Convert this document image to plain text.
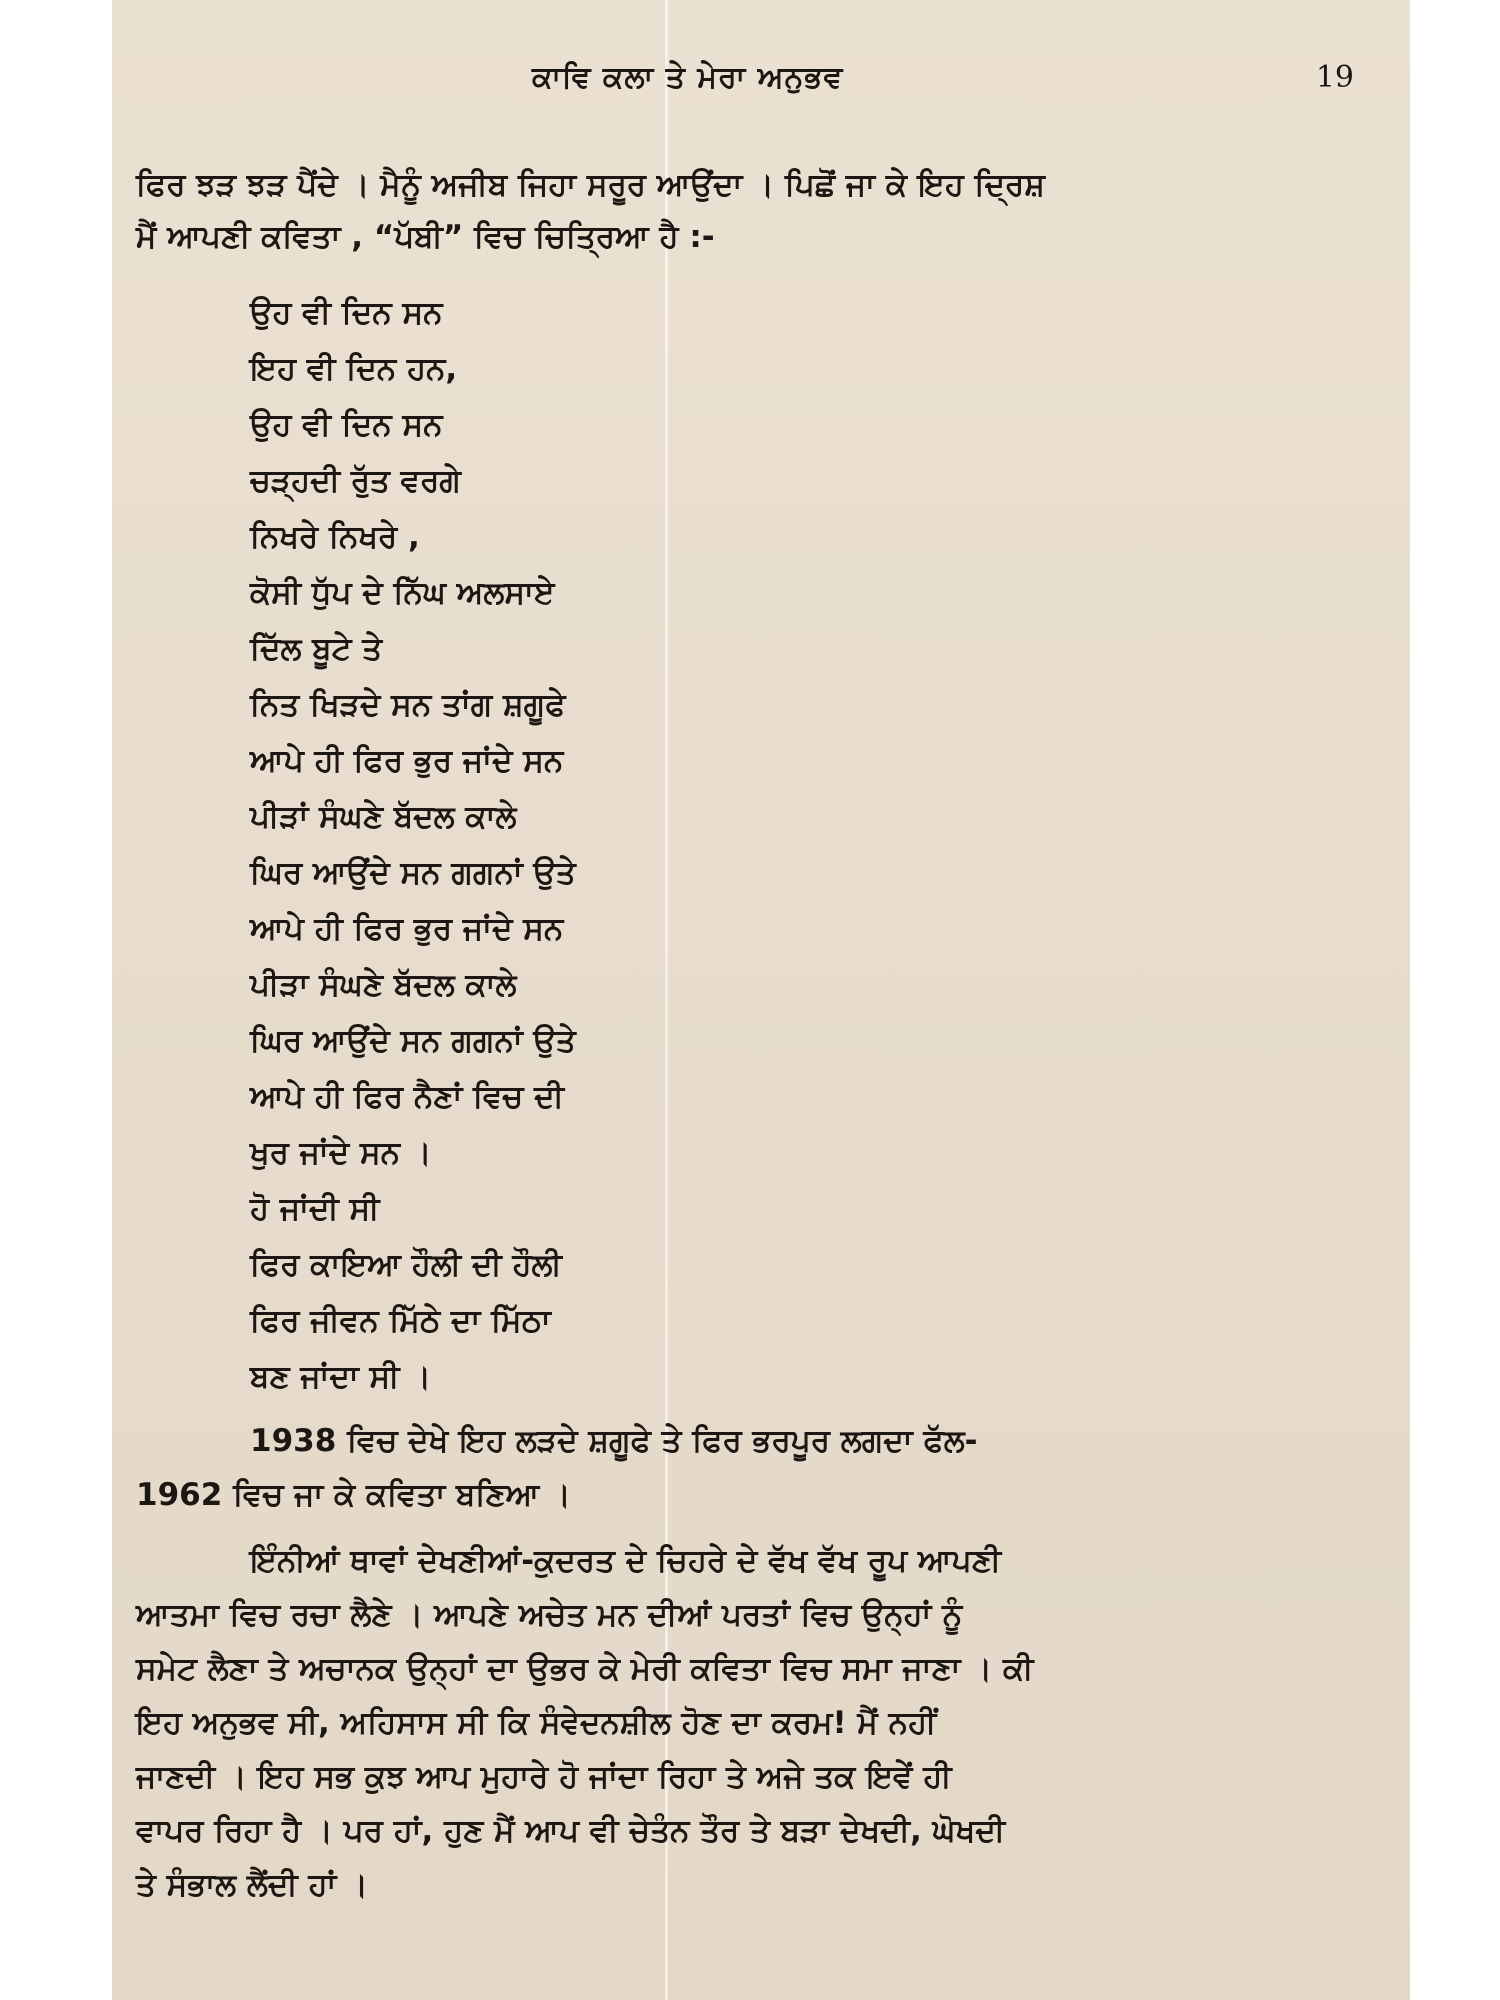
ਕਾਵਿ ਕਲਾ ਤੇ ਮੇਰਾ ਅਨੁਭਵ	19
ਫਿਰ ਝੜ ਝੜ ਪੈਂਦੇ । ਮੈਨੂੰ ਅਜੀਬ ਜਿਹਾ ਸਰੂਰ ਆਉਂਦਾ । ਪਿਛੋਂ ਜਾ ਕੇ ਇਹ ਦ੍ਰਿਸ਼
ਮੈਂ ਆਪਣੀ ਕਵਿਤਾ , “ਪੱਬੀ” ਵਿਚ ਚਿਤ੍ਰਿਆ ਹੈ :-
ਉਹ ਵੀ ਦਿਨ ਸਨ
ਇਹ ਵੀ ਦਿਨ ਹਨ,
ਉਹ ਵੀ ਦਿਨ ਸਨ
ਚੜ੍ਹਦੀ ਰੁੱਤ ਵਰਗੇ
ਨਿਖਰੇ ਨਿਖਰੇ ,
ਕੋਸੀ ਧੁੱਪ ਦੇ ਨਿੱਘ ਅਲਸਾਏ
ਦਿੱਲ ਬੂਟੇ ਤੇ
ਨਿਤ ਖਿੜਦੇ ਸਨ ਤਾਂਗ ਸ਼ਗੂਫੇ
ਆਪੇ ਹੀ ਫਿਰ ਭੁਰ ਜਾਂਦੇ ਸਨ
ਪੀੜਾਂ ਸੰਘਣੇ ਬੱਦਲ ਕਾਲੇ
ਘਿਰ ਆਉਂਦੇ ਸਨ ਗਗਨਾਂ ਉਤੇ
ਆਪੇ ਹੀ ਫਿਰ ਭੁਰ ਜਾਂਦੇ ਸਨ
ਪੀੜਾ ਸੰਘਣੇ ਬੱਦਲ ਕਾਲੇ
ਘਿਰ ਆਉਂਦੇ ਸਨ ਗਗਨਾਂ ਉਤੇ
ਆਪੇ ਹੀ ਫਿਰ ਨੈਣਾਂ ਵਿਚ ਦੀ
ਖੁਰ ਜਾਂਦੇ ਸਨ ।
ਹੋ ਜਾਂਦੀ ਸੀ
ਫਿਰ ਕਾਇਆ ਹੌਲੀ ਦੀ ਹੌਲੀ
ਫਿਰ ਜੀਵਨ ਮਿੱਠੇ ਦਾ ਮਿੱਠਾ
ਬਣ ਜਾਂਦਾ ਸੀ ।
1938 ਵਿਚ ਦੇਖੇ ਇਹ ਲੜਦੇ ਸ਼ਗੂਫੇ ਤੇ ਫਿਰ ਭਰਪੂਰ ਲਗਦਾ ਫੱਲ-
1962 ਵਿਚ ਜਾ ਕੇ ਕਵਿਤਾ ਬਣਿਆ ।
ਇੰਨੀਆਂ ਥਾਵਾਂ ਦੇਖਣੀਆਂ-ਕੁਦਰਤ ਦੇ ਚਿਹਰੇ ਦੇ ਵੱਖ ਵੱਖ ਰੂਪ ਆਪਣੀ
ਆਤਮਾ ਵਿਚ ਰਚਾ ਲੈਣੇ । ਆਪਣੇ ਅਚੇਤ ਮਨ ਦੀਆਂ ਪਰਤਾਂ ਵਿਚ ਉਨ੍ਹਾਂ ਨੂੰ
ਸਮੇਟ ਲੈਣਾ ਤੇ ਅਚਾਨਕ ਉਨ੍ਹਾਂ ਦਾ ਉਭਰ ਕੇ ਮੇਰੀ ਕਵਿਤਾ ਵਿਚ ਸਮਾ ਜਾਣਾ । ਕੀ
ਇਹ ਅਨੁਭਵ ਸੀ, ਅਹਿਸਾਸ ਸੀ ਕਿ ਸੰਵੇਦਨਸ਼ੀਲ ਹੋਣ ਦਾ ਕਰਮ! ਮੈਂ ਨਹੀਂ
ਜਾਣਦੀ । ਇਹ ਸਭ ਕੁਝ ਆਪ ਮੁਹਾਰੇ ਹੋ ਜਾਂਦਾ ਰਿਹਾ ਤੇ ਅਜੇ ਤਕ ਇਵੇਂ ਹੀ
ਵਾਪਰ ਰਿਹਾ ਹੈ । ਪਰ ਹਾਂ, ਹੁਣ ਮੈਂ ਆਪ ਵੀ ਚੇਤੰਨ ਤੌਰ ਤੇ ਬੜਾ ਦੇਖਦੀ, ਘੋਖਦੀ
ਤੇ ਸੰਭਾਲ ਲੈਂਦੀ ਹਾਂ ।
